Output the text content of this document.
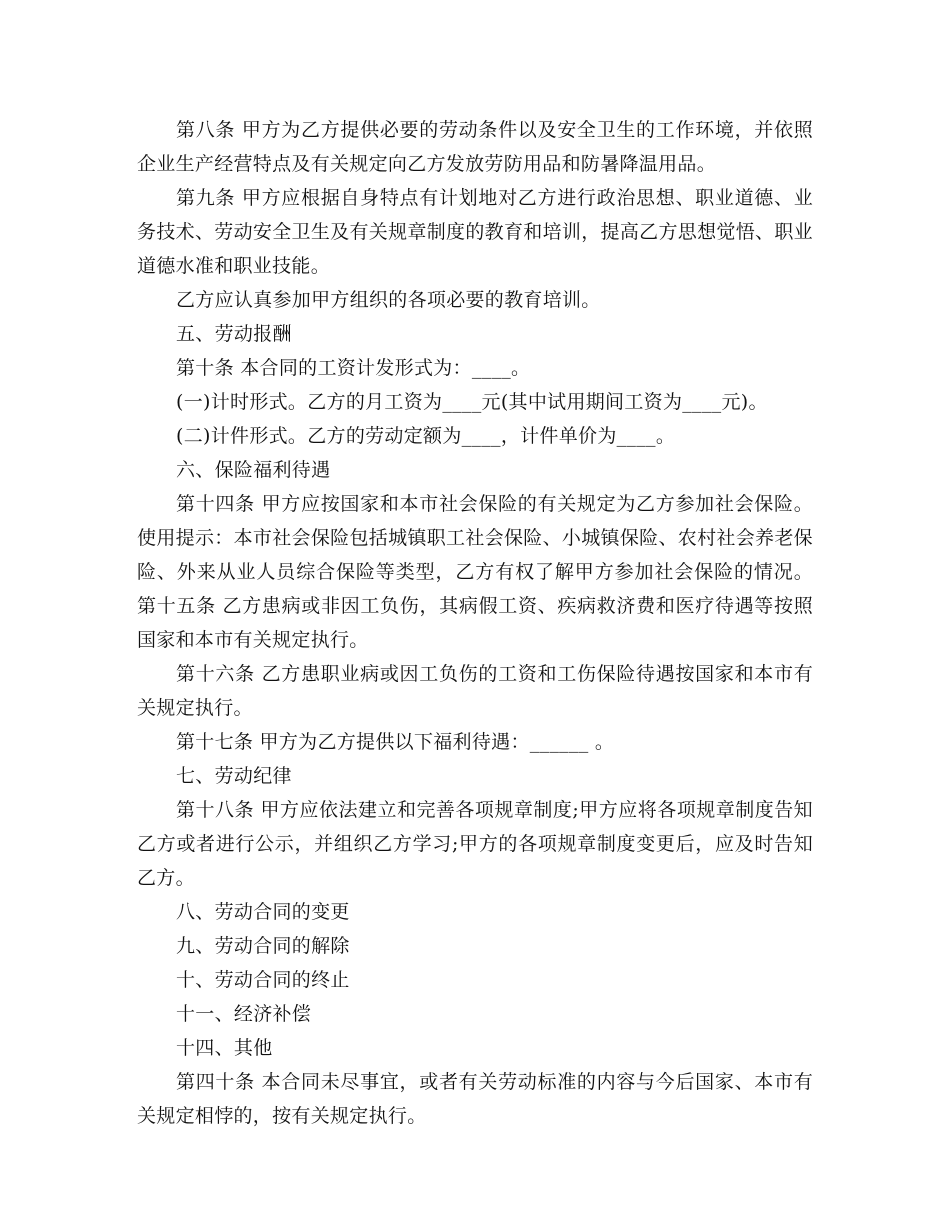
第八条 甲方为乙方提供必要的劳动条件以及安全卫生的工作环境，并依照企业生产经营特点及有关规定向乙方发放劳防用品和防暑降温用品。

第九条 甲方应根据自身特点有计划地对乙方进行政治思想、职业道德、业务技术、劳动安全卫生及有关规章制度的教育和培训，提高乙方思想觉悟、职业道德水准和职业技能。

乙方应认真参加甲方组织的各项必要的教育培训。

五、劳动报酬

第十条 本合同的工资计发形式为：____。

(一)计时形式。乙方的月工资为____元(其中试用期间工资为____元)。

(二)计件形式。乙方的劳动定额为____，计件单价为____。

六、保险福利待遇

第十四条 甲方应按国家和本市社会保险的有关规定为乙方参加社会保险。 使用提示：本市社会保险包括城镇职工社会保险、小城镇保险、农村社会养老保险、外来从业人员综合保险等类型，乙方有权了解甲方参加社会保险的情况。 第十五条 乙方患病或非因工负伤，其病假工资、疾病救济费和医疗待遇等按照国家和本市有关规定执行。

第十六条 乙方患职业病或因工负伤的工资和工伤保险待遇按国家和本市有关规定执行。

第十七条 甲方为乙方提供以下福利待遇：______ 。

七、劳动纪律

第十八条 甲方应依法建立和完善各项规章制度;甲方应将各项规章制度告知乙方或者进行公示，并组织乙方学习;甲方的各项规章制度变更后，应及时告知乙方。

八、劳动合同的变更

九、劳动合同的解除

十、劳动合同的终止

十一、经济补偿

十四、其他

第四十条 本合同未尽事宜，或者有关劳动标准的内容与今后国家、本市有关规定相悖的，按有关规定执行。
